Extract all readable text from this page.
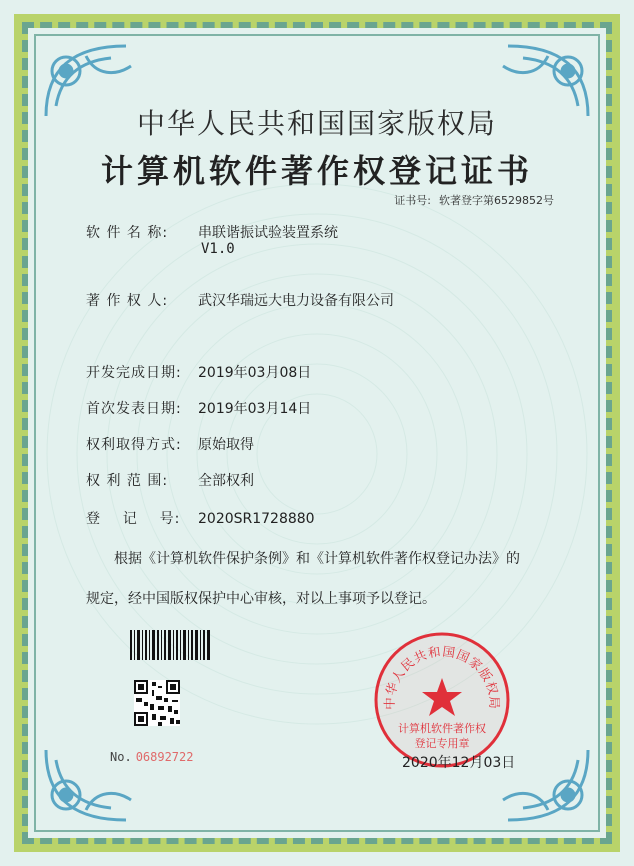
中华人民共和国国家版权局
计算机软件著作权登记证书
证书号: 软著登字第6529852号
软 件 名 称: 串联谐振试验装置系统
V1.0
著 作 权 人: 武汉华瑞远大电力设备有限公司
开发完成日期: 2019年03月08日
首次发表日期: 2019年03月14日
权利取得方式: 原始取得
权 利 范 围: 全部权利
登    记    号: 2020SR1728880
根据《计算机软件保护条例》和《计算机软件著作权登记办法》的
规定，经中国版权保护中心审核，对以上事项予以登记。
No. 06892722
中华人民共和国国家版权局
计算机软件著作权
登记专用章
2020年12月03日
